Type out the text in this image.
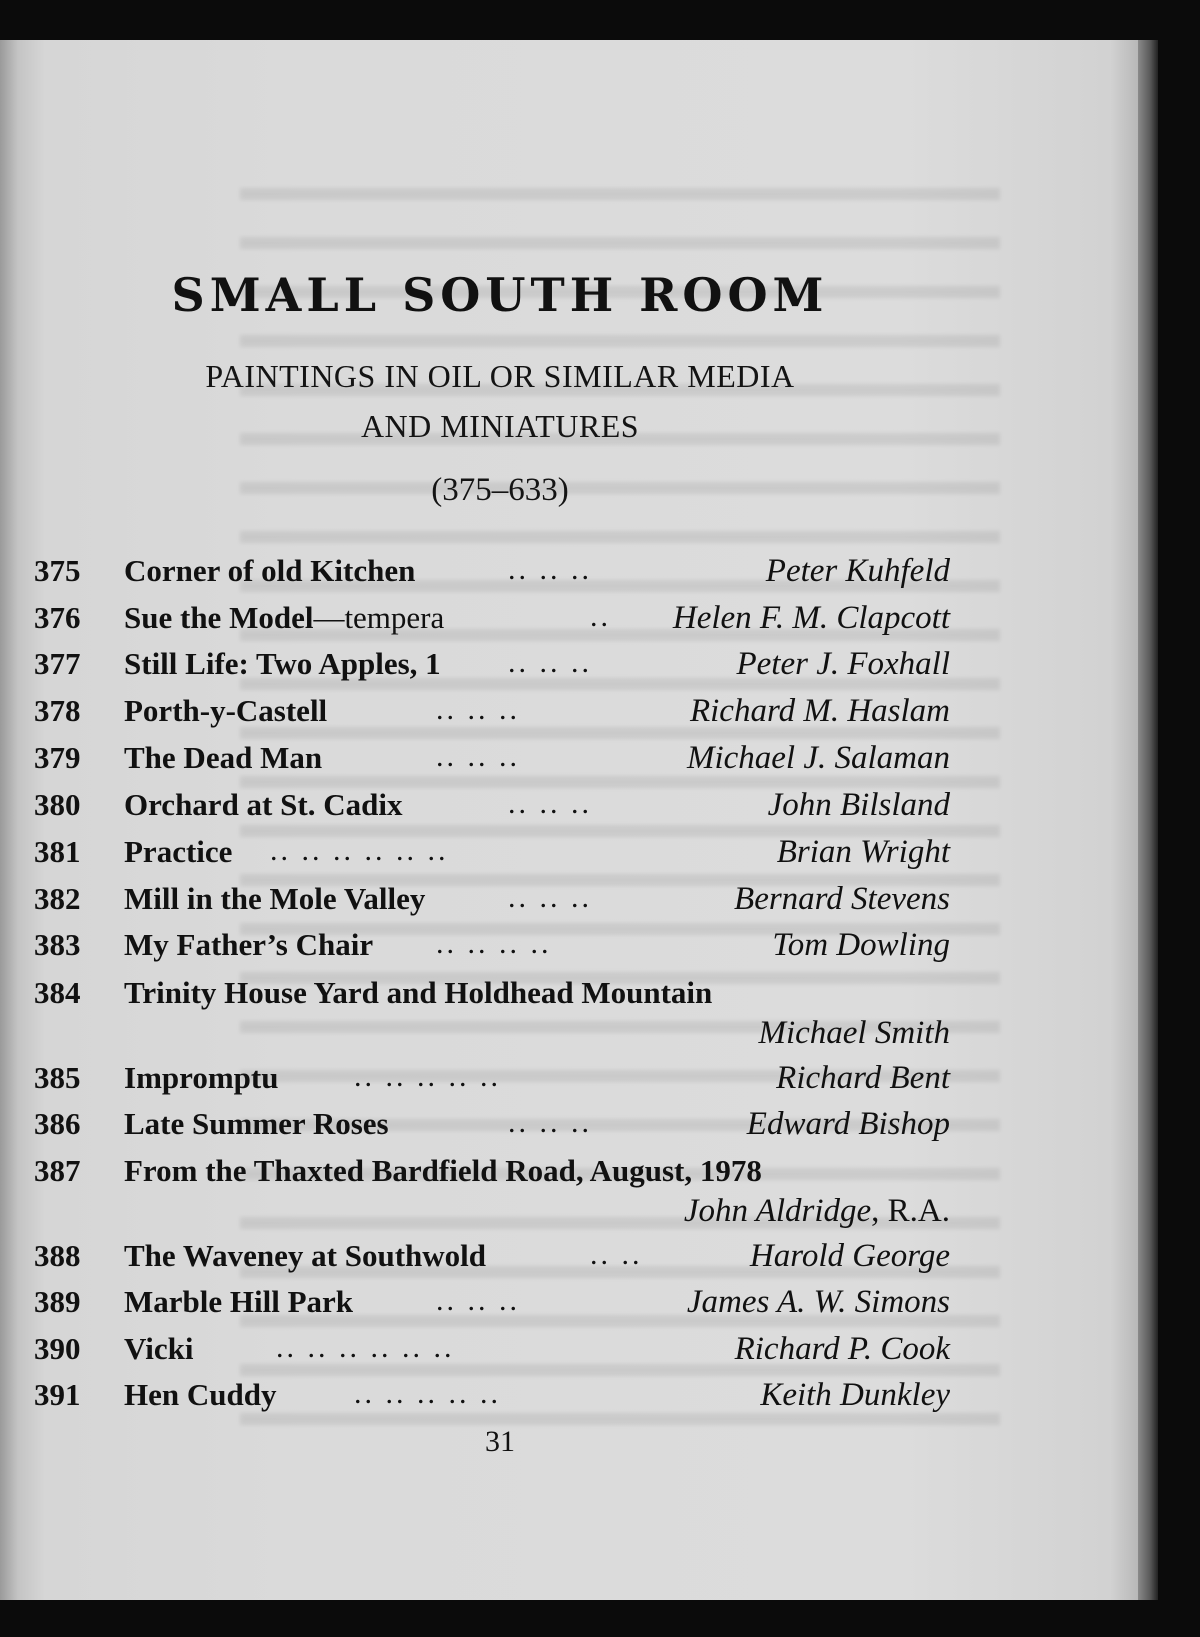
SMALL SOUTH ROOM
PAINTINGS IN OIL OR SIMILAR MEDIA
AND MINIATURES
(375–633)
375 Corner of old Kitchen	.. .. ..	Peter Kuhfeld
376 Sue the Model—tempera	.. Helen F. M. Clapcott
377 Still Life: Two Apples, 1 .. .. ..	Peter J. Foxhall
378 Porth-y-Castell	.. .. ..	Richard M. Haslam
379 The Dead Man	.. .. ..	Michael J. Salaman
380 Orchard at St. Cadix	.. .. ..	John Bilsland
381 Practice .. .. .. .. .. ..	Brian Wright
382 Mill in the Mole Valley	.. .. ..	Bernard Stevens
383 My Father’s Chair .. .. .. ..	Tom Dowling
384 Trinity House Yard and Holdhead Mountain
Michael Smith
385 Impromptu	.. .. .. .. ..	Richard Bent
386 Late Summer Roses	.. .. ..	Edward Bishop
387 From the Thaxted Bardfield Road, August, 1978
John Aldridge, R.A.
388 The Waveney at Southwold	.. ..	Harold George
389 Marble Hill Park	.. .. ..	James A. W. Simons
390 Vicki	.. .. .. .. .. ..	Richard P. Cook
391 Hen Cuddy	.. .. .. .. ..	Keith Dunkley
31
